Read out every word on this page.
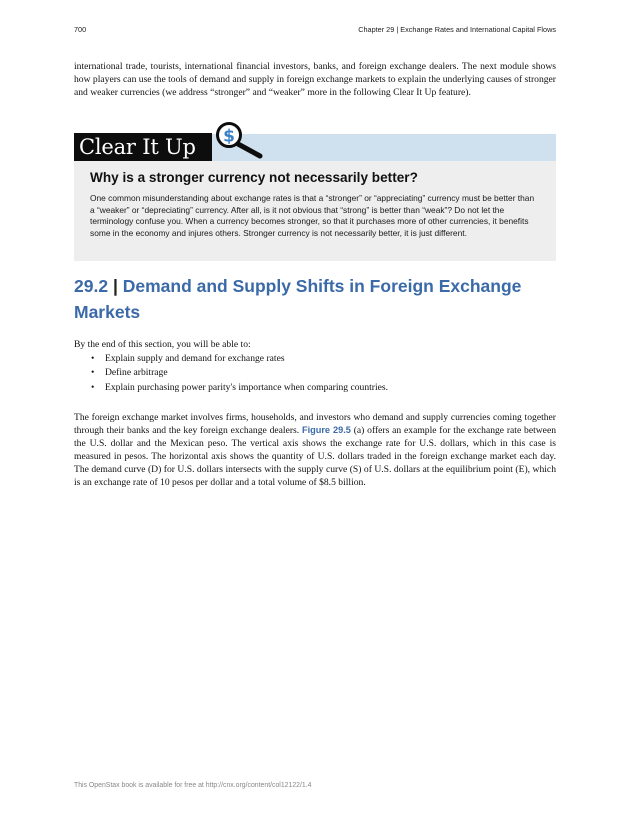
700	Chapter 29 | Exchange Rates and International Capital Flows

international trade, tourists, international financial investors, banks, and foreign exchange dealers. The next module shows how players can use the tools of demand and supply in foreign exchange markets to explain the underlying causes of stronger and weaker currencies (we address “stronger” and “weaker” more in the following Clear It Up feature).

Clear It Up	$
Why is a stronger currency not necessarily better?

One common misunderstanding about exchange rates is that a “stronger” or “appreciating” currency must be better than a “weaker” or “depreciating” currency. After all, is it not obvious that “strong” is better than “weak”? Do not let the terminology confuse you. When a currency becomes stronger, so that it purchases more of other currencies, it benefits some in the economy and injures others. Stronger currency is not necessarily better, it is just different.

29.2 | Demand and Supply Shifts in Foreign Exchange Markets

By the end of this section, you will be able to:

• Explain supply and demand for exchange rates
• Define arbitrage
• Explain purchasing power parity's importance when comparing countries.

The foreign exchange market involves firms, households, and investors who demand and supply currencies coming together through their banks and the key foreign exchange dealers. Figure 29.5 (a) offers an example for the exchange rate between the U.S. dollar and the Mexican peso. The vertical axis shows the exchange rate for U.S. dollars, which in this case is measured in pesos. The horizontal axis shows the quantity of U.S. dollars traded in the foreign exchange market each day. The demand curve (D) for U.S. dollars intersects with the supply curve (S) of U.S. dollars at the equilibrium point (E), which is an exchange rate of 10 pesos per dollar and a total volume of $8.5 billion.

This OpenStax book is available for free at http://cnx.org/content/col12122/1.4
